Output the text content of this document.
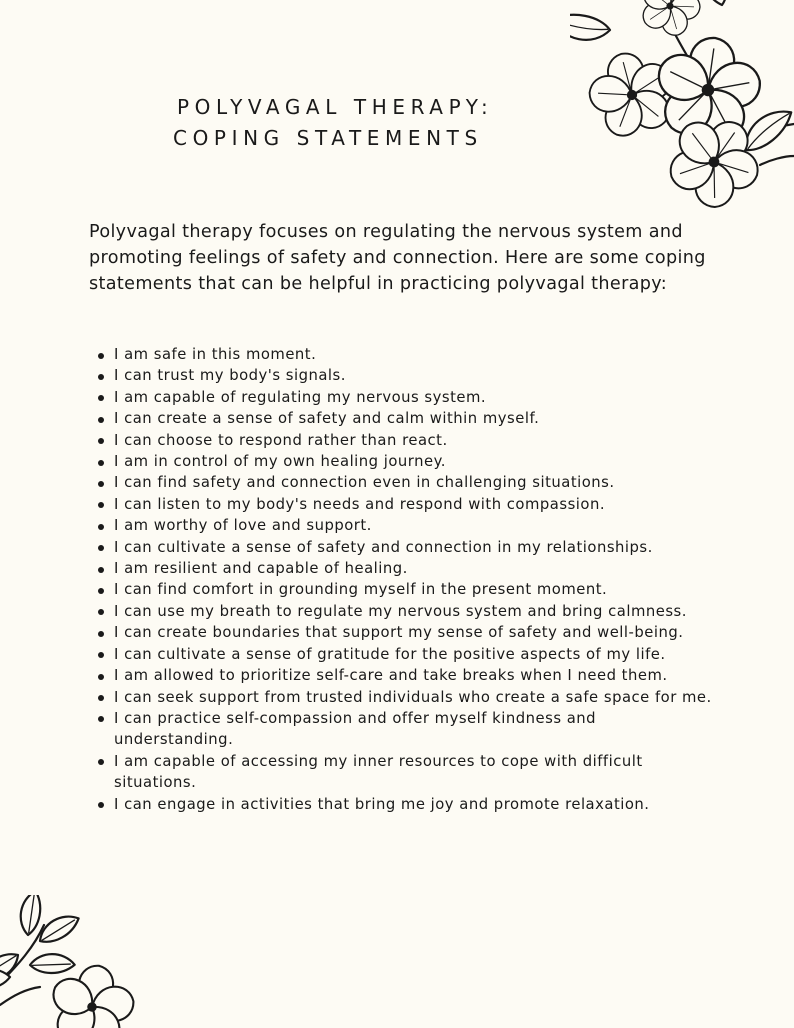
POLYVAGAL THERAPY:
COPING STATEMENTS

Polyvagal therapy focuses on regulating the nervous system and promoting feelings of safety and connection. Here are some coping statements that can be helpful in practicing polyvagal therapy:

I am safe in this moment.
I can trust my body's signals.
I am capable of regulating my nervous system.
I can create a sense of safety and calm within myself.
I can choose to respond rather than react.
I am in control of my own healing journey.
I can find safety and connection even in challenging situations.
I can listen to my body's needs and respond with compassion.
I am worthy of love and support.
I can cultivate a sense of safety and connection in my relationships.
I am resilient and capable of healing.
I can find comfort in grounding myself in the present moment.
I can use my breath to regulate my nervous system and bring calmness.
I can create boundaries that support my sense of safety and well-being.
I can cultivate a sense of gratitude for the positive aspects of my life.
I am allowed to prioritize self-care and take breaks when I need them.
I can seek support from trusted individuals who create a safe space for me.
I can practice self-compassion and offer myself kindness and understanding.
I am capable of accessing my inner resources to cope with difficult situations.
I can engage in activities that bring me joy and promote relaxation.
